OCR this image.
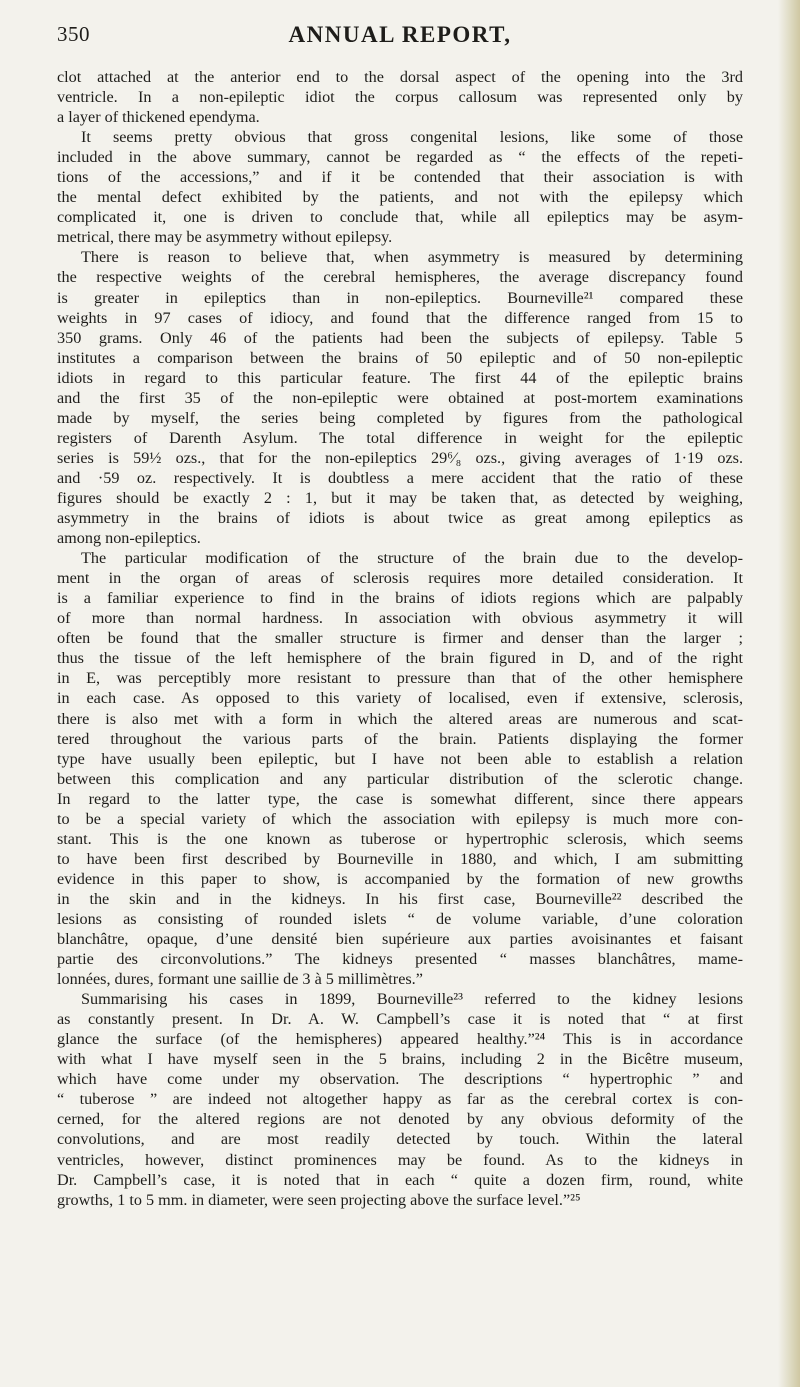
350	ANNUAL REPORT,
clot attached at the anterior end to the dorsal aspect of the opening into the 3rd
ventricle. In a non-epileptic idiot the corpus callosum was represented only by
a layer of thickened ependyma.
It seems pretty obvious that gross congenital lesions, like some of those
included in the above summary, cannot be regarded as “ the effects of the repeti-
tions of the accessions,” and if it be contended that their association is with
the mental defect exhibited by the patients, and not with the epilepsy which
complicated it, one is driven to conclude that, while all epileptics may be asym-
metrical, there may be asymmetry without epilepsy.
There is reason to believe that, when asymmetry is measured by determining
the respective weights of the cerebral hemispheres, the average discrepancy found
is greater in epileptics than in non-epileptics. Bourneville²¹ compared these
weights in 97 cases of idiocy, and found that the difference ranged from 15 to
350 grams. Only 46 of the patients had been the subjects of epilepsy. Table 5
institutes a comparison between the brains of 50 epileptic and of 50 non-epileptic
idiots in regard to this particular feature. The first 44 of the epileptic brains
and the first 35 of the non-epileptic were obtained at post-mortem examinations
made by myself, the series being completed by figures from the pathological
registers of Darenth Asylum. The total difference in weight for the epileptic
series is 59½ ozs., that for the non-epileptics 29⁶⁄₈ ozs., giving averages of 1·19 ozs.
and ·59 oz. respectively. It is doubtless a mere accident that the ratio of these
figures should be exactly 2 : 1, but it may be taken that, as detected by weighing,
asymmetry in the brains of idiots is about twice as great among epileptics as
among non-epileptics.
The particular modification of the structure of the brain due to the develop-
ment in the organ of areas of sclerosis requires more detailed consideration. It
is a familiar experience to find in the brains of idiots regions which are palpably
of more than normal hardness. In association with obvious asymmetry it will
often be found that the smaller structure is firmer and denser than the larger ;
thus the tissue of the left hemisphere of the brain figured in D, and of the right
in E, was perceptibly more resistant to pressure than that of the other hemisphere
in each case. As opposed to this variety of localised, even if extensive, sclerosis,
there is also met with a form in which the altered areas are numerous and scat-
tered throughout the various parts of the brain. Patients displaying the former
type have usually been epileptic, but I have not been able to establish a relation
between this complication and any particular distribution of the sclerotic change.
In regard to the latter type, the case is somewhat different, since there appears
to be a special variety of which the association with epilepsy is much more con-
stant. This is the one known as tuberose or hypertrophic sclerosis, which seems
to have been first described by Bourneville in 1880, and which, I am submitting
evidence in this paper to show, is accompanied by the formation of new growths
in the skin and in the kidneys. In his first case, Bourneville²² described the
lesions as consisting of rounded islets “ de volume variable, d’une coloration
blanchâtre, opaque, d’une densité bien supérieure aux parties avoisinantes et faisant
partie des circonvolutions.” The kidneys presented “ masses blanchâtres, mame-
lonnées, dures, formant une saillie de 3 à 5 millimètres.”
Summarising his cases in 1899, Bourneville²³ referred to the kidney lesions
as constantly present. In Dr. A. W. Campbell’s case it is noted that “ at first
glance the surface (of the hemispheres) appeared healthy.”²⁴ This is in accordance
with what I have myself seen in the 5 brains, including 2 in the Bicêtre museum,
which have come under my observation. The descriptions “ hypertrophic ” and
“ tuberose ” are indeed not altogether happy as far as the cerebral cortex is con-
cerned, for the altered regions are not denoted by any obvious deformity of the
convolutions, and are most readily detected by touch. Within the lateral
ventricles, however, distinct prominences may be found. As to the kidneys in
Dr. Campbell’s case, it is noted that in each “ quite a dozen firm, round, white
growths, 1 to 5 mm. in diameter, were seen projecting above the surface level.”²⁵
